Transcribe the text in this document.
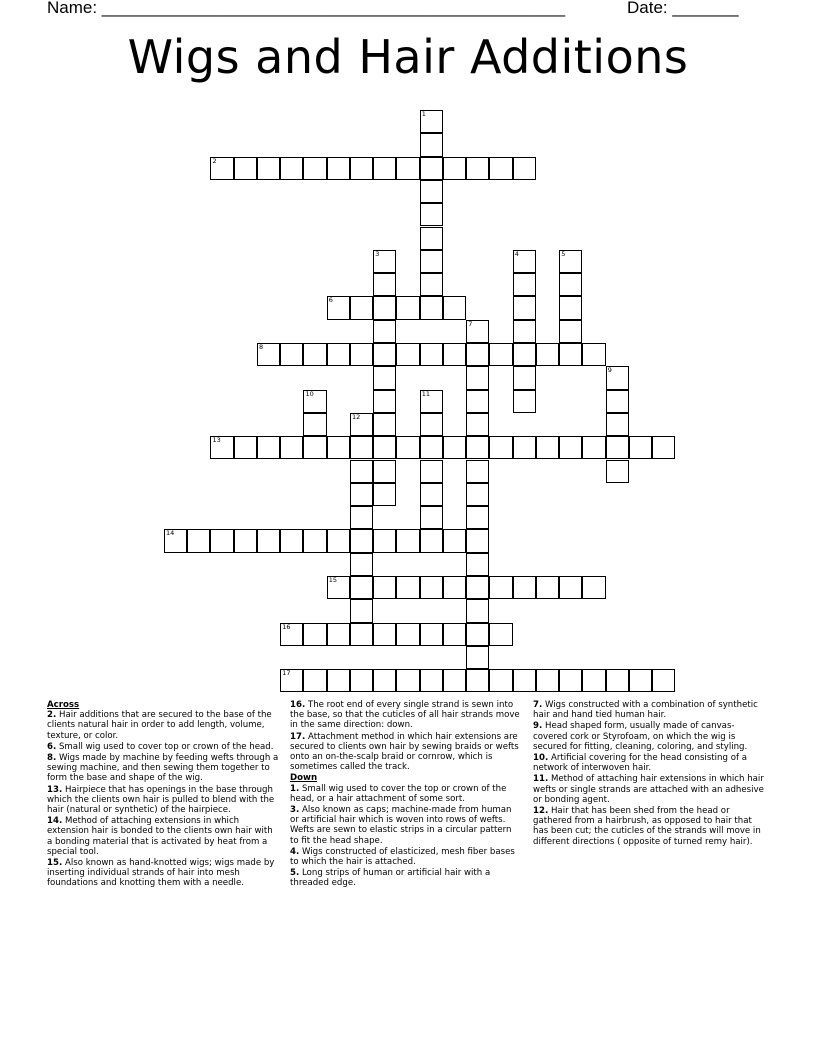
Name: _________________________________________________	Date: _______
Wigs and Hair Additions
1
2
3	4	5
6
7
8
9
10	11
12
13
14
15
16
17
Across
2. Hair additions that are secured to the base of the clients natural hair in order to add length, volume, texture, or color.
6. Small wig used to cover top or crown of the head.
8. Wigs made by machine by feeding wefts through a sewing machine, and then sewing them together to form the base and shape of the wig.
13. Hairpiece that has openings in the base through which the clients own hair is pulled to blend with the hair (natural or synthetic) of the hairpiece.
14. Method of attaching extensions in which extension hair is bonded to the clients own hair with a bonding material that is activated by heat from a special tool.
15. Also known as hand-knotted wigs; wigs made by inserting individual strands of hair into mesh foundations and knotting them with a needle.
16. The root end of every single strand is sewn into the base, so that the cuticles of all hair strands move in the same direction: down.
17. Attachment method in which hair extensions are secured to clients own hair by sewing braids or wefts onto an on-the-scalp braid or cornrow, which is sometimes called the track.
Down
1. Small wig used to cover the top or crown of the head, or a hair attachment of some sort.
3. Also known as caps; machine-made from human or artificial hair which is woven into rows of wefts. Wefts are sewn to elastic strips in a circular pattern to fit the head shape.
4. Wigs constructed of elasticized, mesh fiber bases to which the hair is attached.
5. Long strips of human or artificial hair with a threaded edge.
7. Wigs constructed with a combination of synthetic hair and hand tied human hair.
9. Head shaped form, usually made of canvas-covered cork or Styrofoam, on which the wig is secured for fitting, cleaning, coloring, and styling.
10. Artificial covering for the head consisting of a network of interwoven hair.
11. Method of attaching hair extensions in which hair wefts or single strands are attached with an adhesive or bonding agent.
12. Hair that has been shed from the head or gathered from a hairbrush, as opposed to hair that has been cut; the cuticles of the strands will move in different directions ( opposite of turned remy hair).
